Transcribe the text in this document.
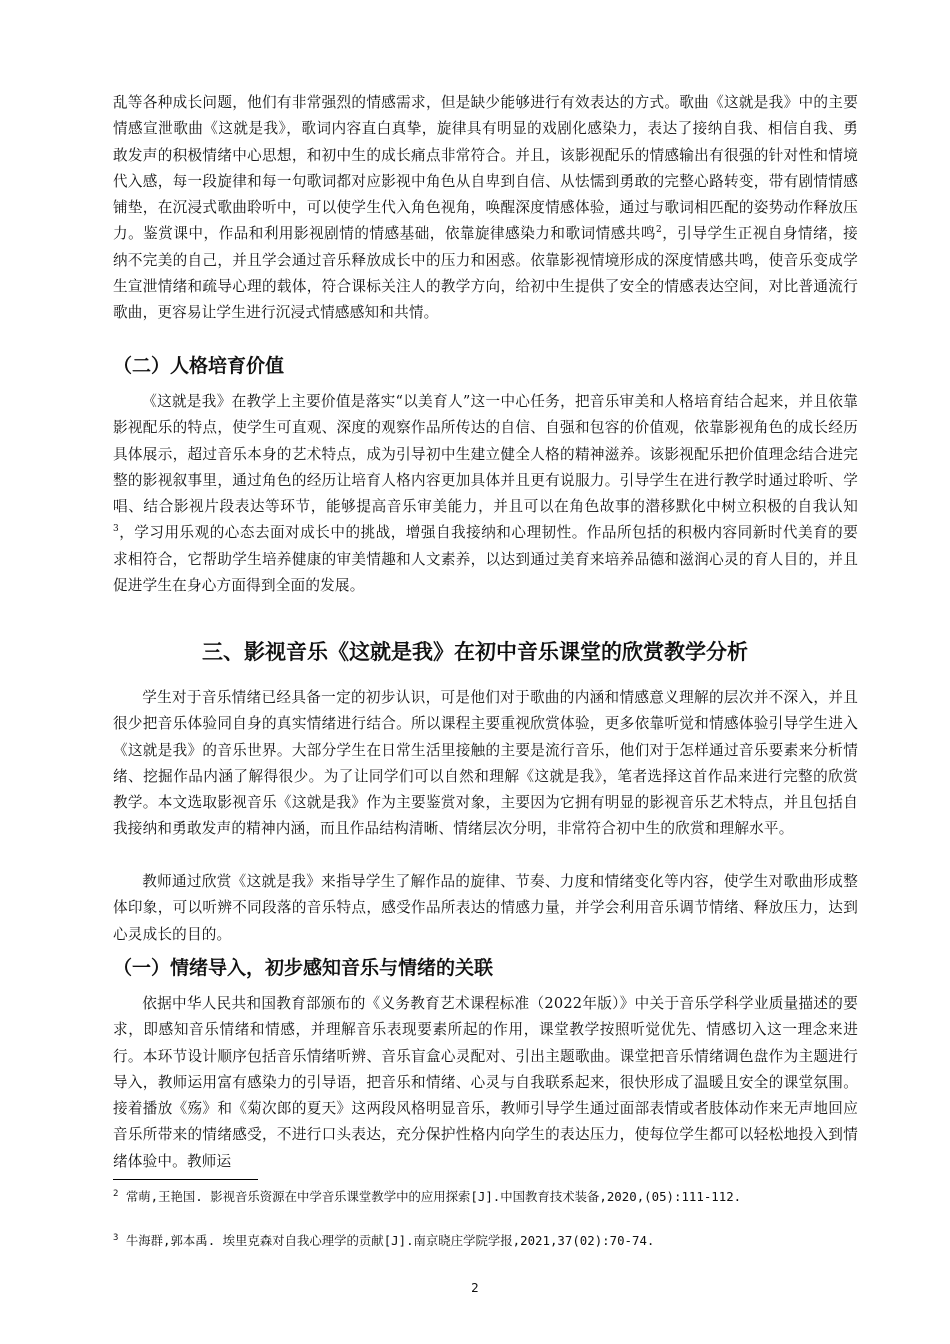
乱等各种成长问题，他们有非常强烈的情感需求，但是缺少能够进行有效表达的方式。歌曲《这就是我》中的主要情感宣泄歌曲《这就是我》，歌词内容直白真挚，旋律具有明显的戏剧化感染力，表达了接纳自我、相信自我、勇敢发声的积极情绪中心思想，和初中生的成长痛点非常符合。并且，该影视配乐的情感输出有很强的针对性和情境代入感，每一段旋律和每一句歌词都对应影视中角色从自卑到自信、从怯懦到勇敢的完整心路转变，带有剧情情感铺垫，在沉浸式歌曲聆听中，可以使学生代入角色视角，唤醒深度情感体验，通过与歌词相匹配的姿势动作释放压力。鉴赏课中，作品和利用影视剧情的情感基础，依靠旋律感染力和歌词情感共鸣$^2$，引导学生正视自身情绪，接纳不完美的自己，并且学会通过音乐释放成长中的压力和困惑。依靠影视情境形成的深度情感共鸣，使音乐变成学生宣泄情绪和疏导心理的载体，符合课标关注人的教学方向，给初中生提供了安全的情感表达空间，对比普通流行歌曲，更容易让学生进行沉浸式情感感知和共情。

（二）人格培育价值

《这就是我》在教学上主要价值是落实“以美育人”这一中心任务，把音乐审美和人格培育结合起来，并且依靠影视配乐的特点，使学生可直观、深度的观察作品所传达的自信、自强和包容的价值观，依靠影视角色的成长经历具体展示，超过音乐本身的艺术特点，成为引导初中生建立健全人格的精神滋养。该影视配乐把价值理念结合进完整的影视叙事里，通过角色的经历让培育人格内容更加具体并且更有说服力。引导学生在进行教学时通过聆听、学唱、结合影视片段表达等环节，能够提高音乐审美能力，并且可以在角色故事的潜移默化中树立积极的自我认知$^3$，学习用乐观的心态去面对成长中的挑战，增强自我接纳和心理韧性。作品所包括的积极内容同新时代美育的要求相符合，它帮助学生培养健康的审美情趣和人文素养，以达到通过美育来培养品德和滋润心灵的育人目的，并且促进学生在身心方面得到全面的发展。

三、影视音乐《这就是我》在初中音乐课堂的欣赏教学分析

学生对于音乐情绪已经具备一定的初步认识，可是他们对于歌曲的内涵和情感意义理解的层次并不深入，并且很少把音乐体验同自身的真实情绪进行结合。所以课程主要重视欣赏体验，更多依靠听觉和情感体验引导学生进入《这就是我》的音乐世界。大部分学生在日常生活里接触的主要是流行音乐，他们对于怎样通过音乐要素来分析情绪、挖掘作品内涵了解得很少。为了让同学们可以自然和理解《这就是我》，笔者选择这首作品来进行完整的欣赏教学。本文选取影视音乐《这就是我》作为主要鉴赏对象，主要因为它拥有明显的影视音乐艺术特点，并且包括自我接纳和勇敢发声的精神内涵，而且作品结构清晰、情绪层次分明，非常符合初中生的欣赏和理解水平。

教师通过欣赏《这就是我》来指导学生了解作品的旋律、节奏、力度和情绪变化等内容，使学生对歌曲形成整体印象，可以听辨不同段落的音乐特点，感受作品所表达的情感力量，并学会利用音乐调节情绪、释放压力，达到心灵成长的目的。

（一）情绪导入，初步感知音乐与情绪的关联

依据中华人民共和国教育部颁布的《义务教育艺术课程标准（2022年版）》中关于音乐学科学业质量描述的要求，即感知音乐情绪和情感，并理解音乐表现要素所起的作用，课堂教学按照听觉优先、情感切入这一理念来进行。本环节设计顺序包括音乐情绪听辨、音乐盲盒心灵配对、引出主题歌曲。课堂把音乐情绪调色盘作为主题进行导入，教师运用富有感染力的引导语，把音乐和情绪、心灵与自我联系起来，很快形成了温暖且安全的课堂氛围。接着播放《殇》和《菊次郎的夏天》这两段风格明显音乐，教师引导学生通过面部表情或者肢体动作来无声地回应音乐所带来的情绪感受，不进行口头表达，充分保护性格内向学生的表达压力，使每位学生都可以轻松地投入到情绪体验中。教师运

$^2$ 常萌,王艳国. 影视音乐资源在中学音乐课堂教学中的应用探索[J].中国教育技术装备,2020,(05):111-112.

$^3$ 牛海群,郭本禹. 埃里克森对自我心理学的贡献[J].南京晓庄学院学报,2021,37(02):70-74.

2
